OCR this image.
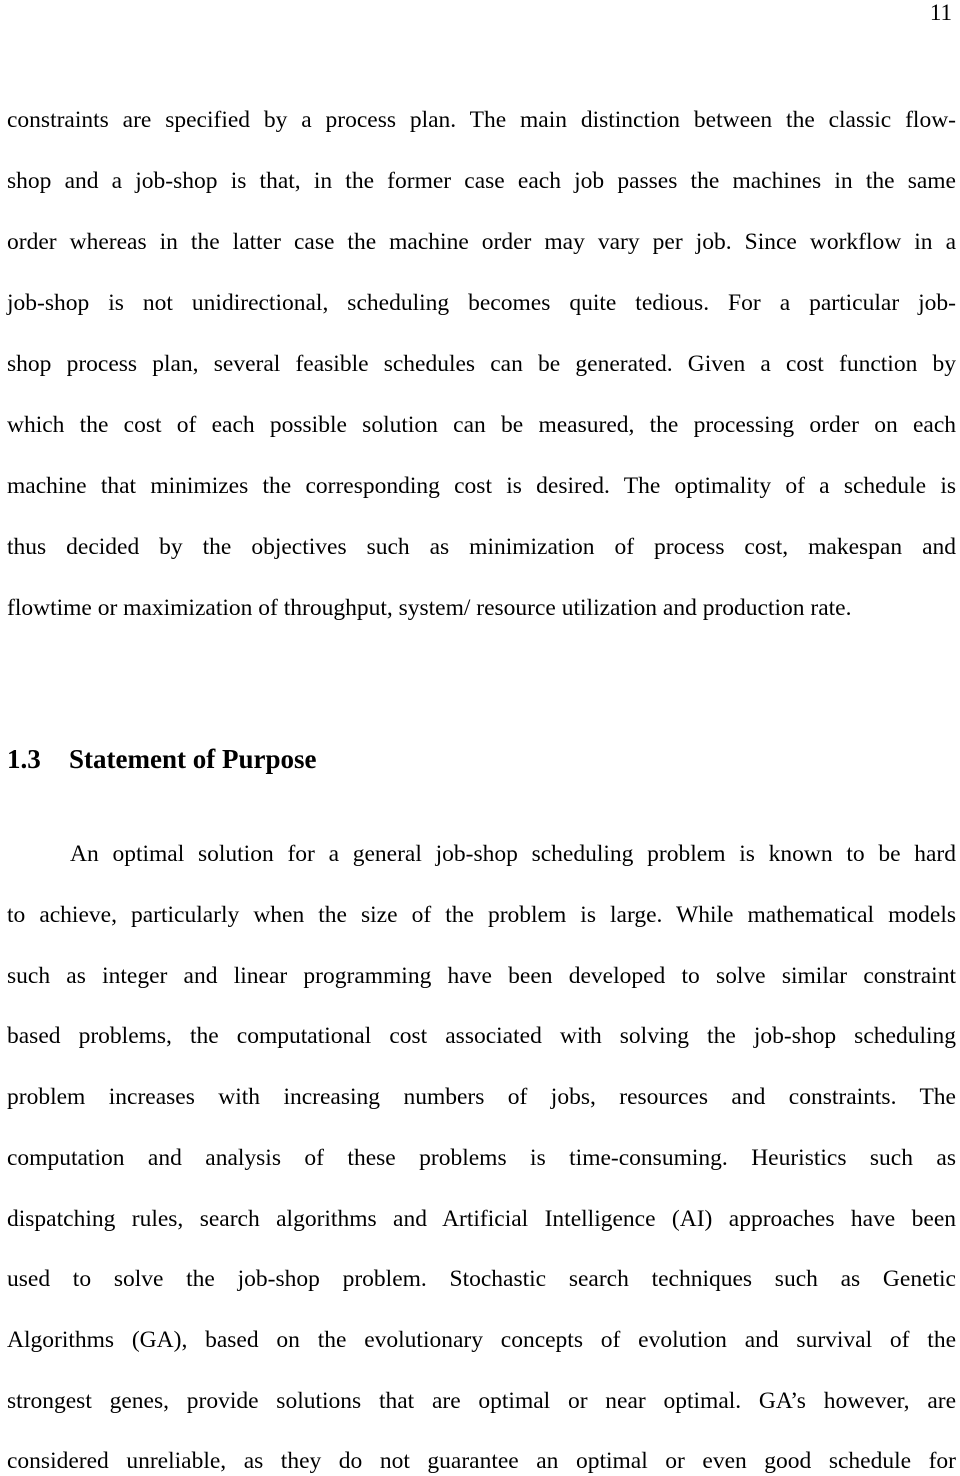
11
constraints are specified by a process plan. The main distinction between the classic flow-
shop and a job-shop is that, in the former case each job passes the machines in the same
order whereas in the latter case the machine order may vary per job. Since workflow in a
job-shop is not unidirectional, scheduling becomes quite tedious. For a particular job-
shop process plan, several feasible schedules can be generated. Given a cost function by
which the cost of each possible solution can be measured, the processing order on each
machine that minimizes the corresponding cost is desired. The optimality of a schedule is
thus decided by the objectives such as minimization of process cost, makespan and
flowtime or maximization of throughput, system/ resource utilization and production rate.
1.3 Statement of Purpose
An optimal solution for a general job-shop scheduling problem is known to be hard
to achieve, particularly when the size of the problem is large. While mathematical models
such as integer and linear programming have been developed to solve similar constraint
based problems, the computational cost associated with solving the job-shop scheduling
problem increases with increasing numbers of jobs, resources and constraints. The
computation and analysis of these problems is time-consuming. Heuristics such as
dispatching rules, search algorithms and Artificial Intelligence (AI) approaches have been
used to solve the job-shop problem. Stochastic search techniques such as Genetic
Algorithms (GA), based on the evolutionary concepts of evolution and survival of the
strongest genes, provide solutions that are optimal or near optimal. GA’s however, are
considered unreliable, as they do not guarantee an optimal or even good schedule for
